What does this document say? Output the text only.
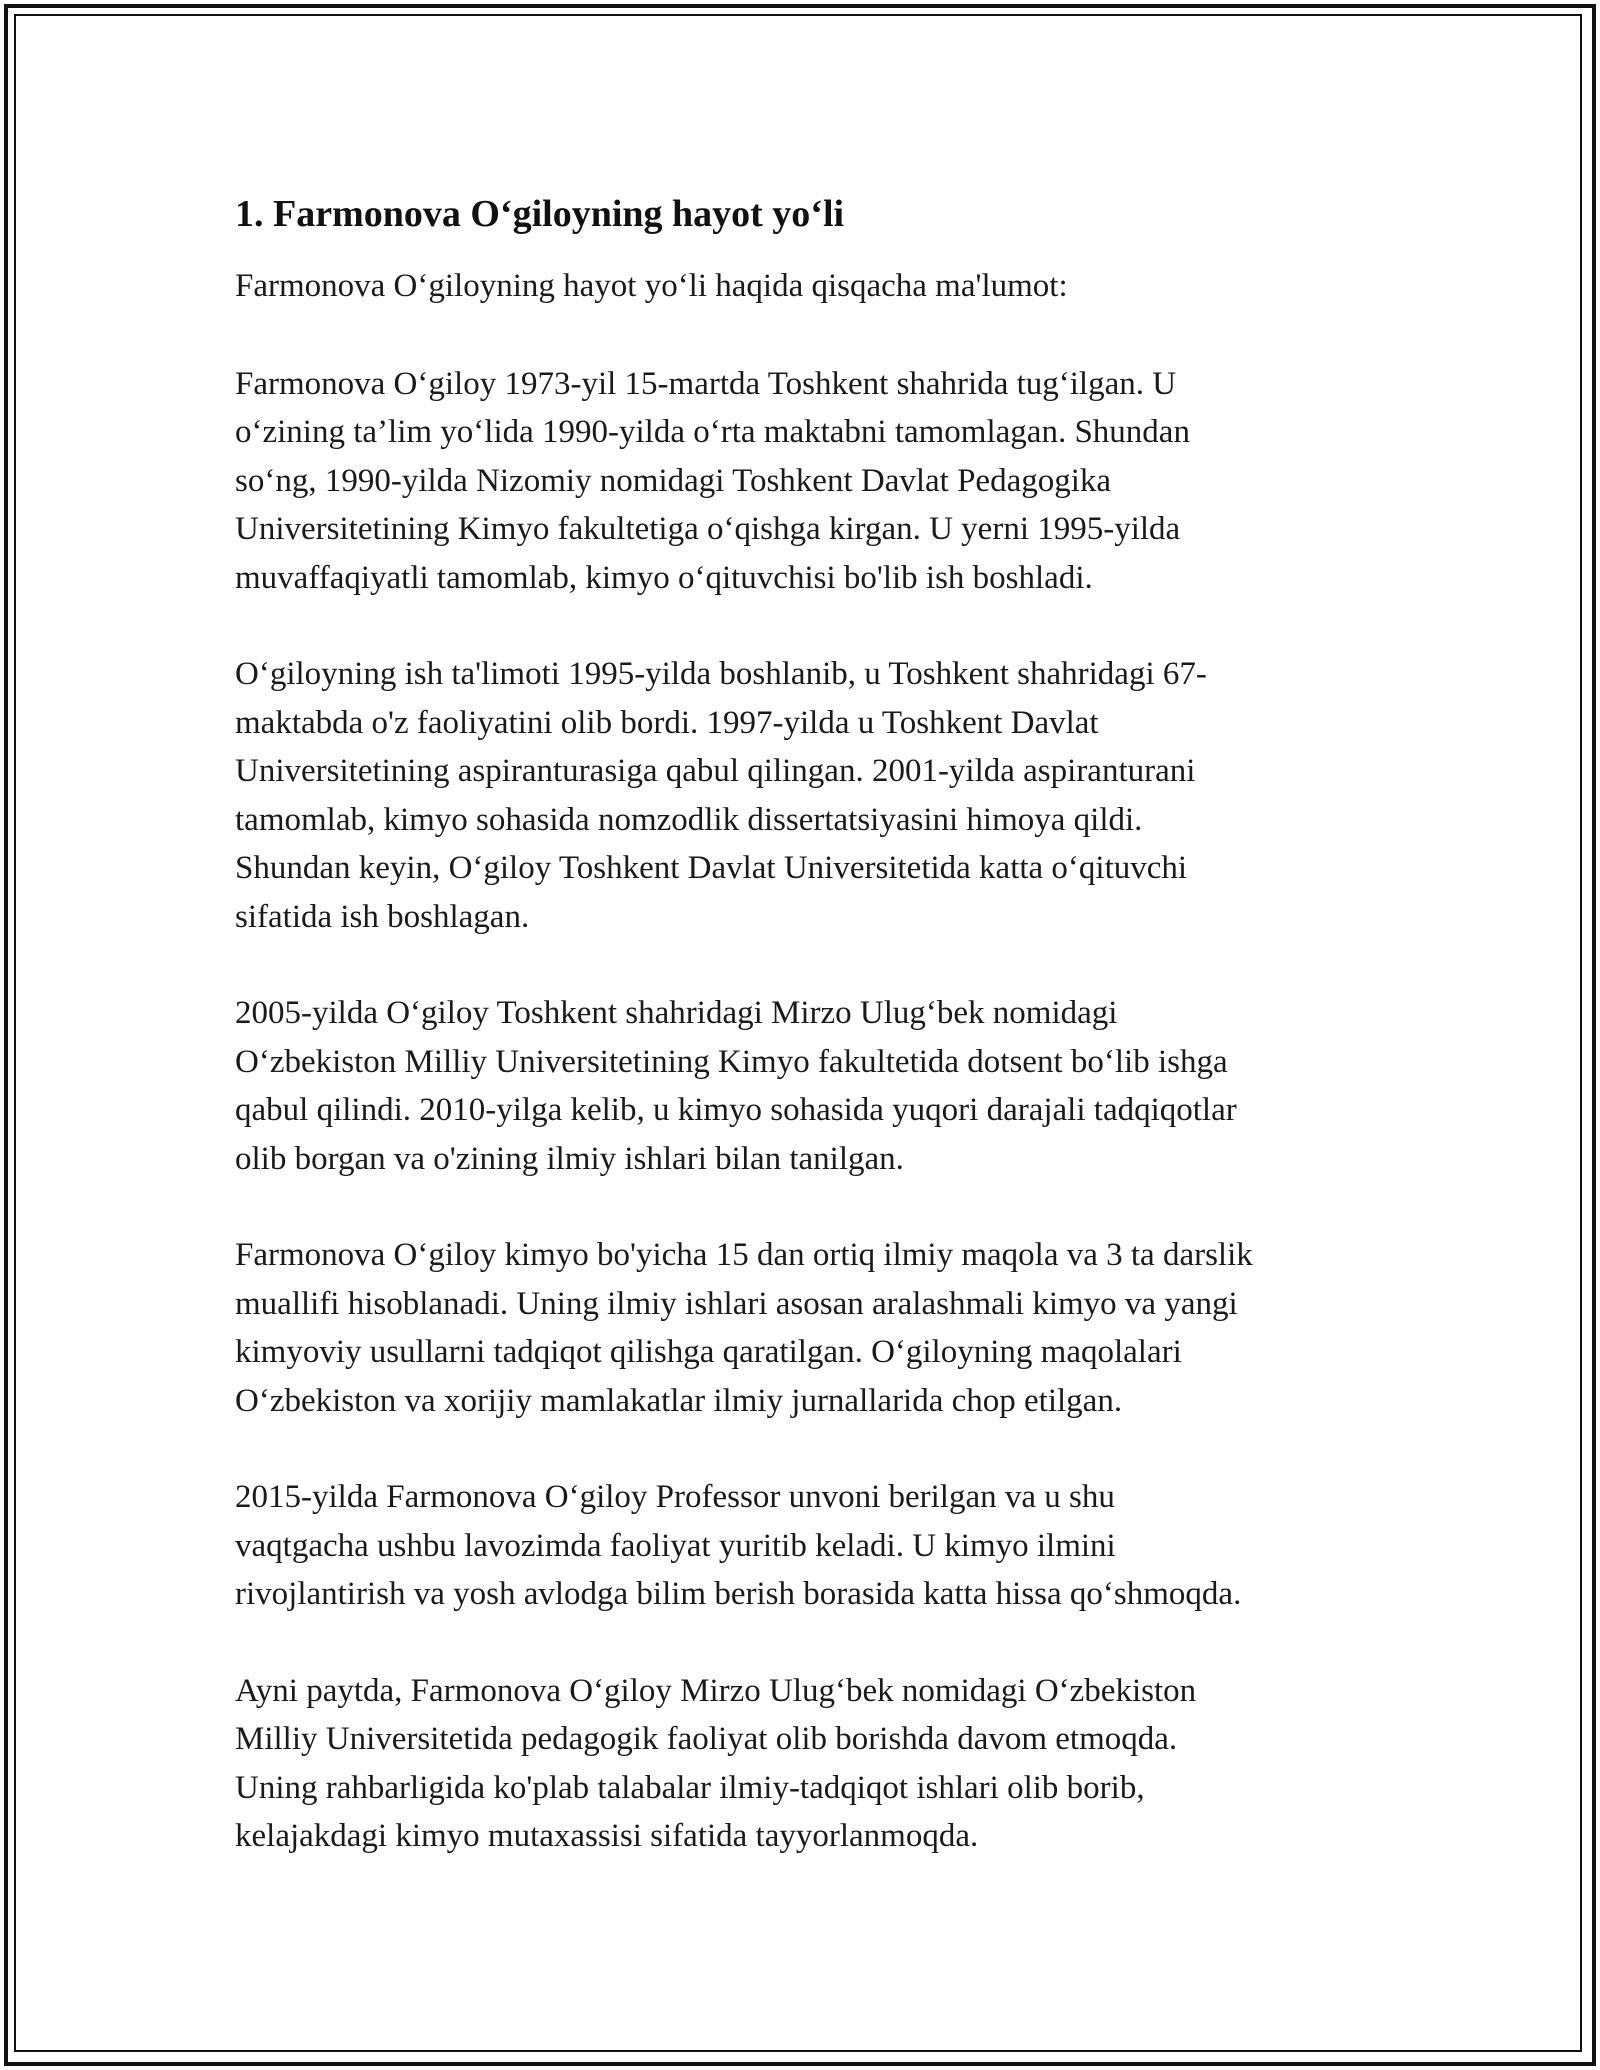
1. Farmonova O‘giloyning hayot yo‘li

Farmonova O‘giloyning hayot yo‘li haqida qisqacha ma'lumot:

Farmonova O‘giloy 1973-yil 15-martda Toshkent shahrida tug‘ilgan. U
o‘zining ta’lim yo‘lida 1990-yilda o‘rta maktabni tamomlagan. Shundan
so‘ng, 1990-yilda Nizomiy nomidagi Toshkent Davlat Pedagogika
Universitetining Kimyo fakultetiga o‘qishga kirgan. U yerni 1995-yilda
muvaffaqiyatli tamomlab, kimyo o‘qituvchisi bo'lib ish boshladi.

O‘giloyning ish ta'limoti 1995-yilda boshlanib, u Toshkent shahridagi 67-
maktabda o'z faoliyatini olib bordi. 1997-yilda u Toshkent Davlat
Universitetining aspiranturasiga qabul qilingan. 2001-yilda aspiranturani
tamomlab, kimyo sohasida nomzodlik dissertatsiyasini himoya qildi.
Shundan keyin, O‘giloy Toshkent Davlat Universitetida katta o‘qituvchi
sifatida ish boshlagan.

2005-yilda O‘giloy Toshkent shahridagi Mirzo Ulug‘bek nomidagi
O‘zbekiston Milliy Universitetining Kimyo fakultetida dotsent bo‘lib ishga
qabul qilindi. 2010-yilga kelib, u kimyo sohasida yuqori darajali tadqiqotlar
olib borgan va o'zining ilmiy ishlari bilan tanilgan.

Farmonova O‘giloy kimyo bo'yicha 15 dan ortiq ilmiy maqola va 3 ta darslik
muallifi hisoblanadi. Uning ilmiy ishlari asosan aralashmali kimyo va yangi
kimyoviy usullarni tadqiqot qilishga qaratilgan. O‘giloyning maqolalari
O‘zbekiston va xorijiy mamlakatlar ilmiy jurnallarida chop etilgan.

2015-yilda Farmonova O‘giloy Professor unvoni berilgan va u shu
vaqtgacha ushbu lavozimda faoliyat yuritib keladi. U kimyo ilmini
rivojlantirish va yosh avlodga bilim berish borasida katta hissa qo‘shmoqda.

Ayni paytda, Farmonova O‘giloy Mirzo Ulug‘bek nomidagi O‘zbekiston
Milliy Universitetida pedagogik faoliyat olib borishda davom etmoqda.
Uning rahbarligida ko'plab talabalar ilmiy-tadqiqot ishlari olib borib,
kelajakdagi kimyo mutaxassisi sifatida tayyorlanmoqda.
